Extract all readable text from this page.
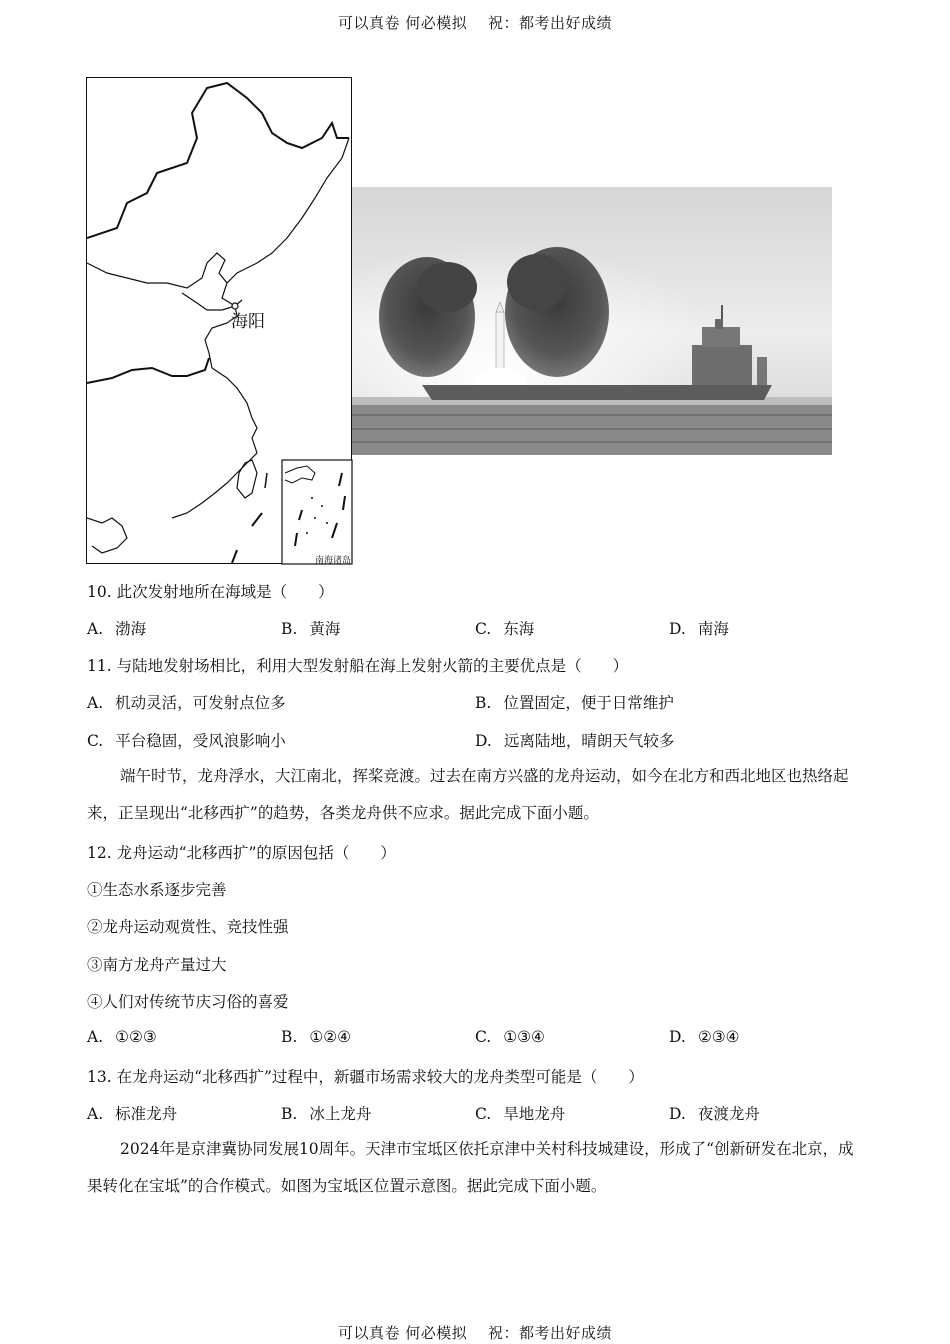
可以真卷 何必模拟　 祝：都考出好成绩
海阳
南海诸岛
10. 此次发射地所在海域是（　　）
A. 渤海	B. 黄海	C. 东海	D. 南海
11. 与陆地发射场相比，利用大型发射船在海上发射火箭的主要优点是（　　）
A. 机动灵活，可发射点位多	B. 位置固定，便于日常维护
C. 平台稳固，受风浪影响小	D. 远离陆地，晴朗天气较多
端午时节，龙舟浮水，大江南北，挥桨竞渡。过去在南方兴盛的龙舟运动，如今在北方和西北地区也热络起来，正呈现出“北移西扩”的趋势，各类龙舟供不应求。据此完成下面小题。
12. 龙舟运动“北移西扩”的原因包括（　　）
①生态水系逐步完善
②龙舟运动观赏性、竞技性强
③南方龙舟产量过大
④人们对传统节庆习俗的喜爱
A. ①②③	B. ①②④	C. ①③④	D. ②③④
13. 在龙舟运动“北移西扩”过程中，新疆市场需求较大的龙舟类型可能是（　　）
A. 标准龙舟	B. 冰上龙舟	C. 旱地龙舟	D. 夜渡龙舟
2024年是京津冀协同发展10周年。天津市宝坻区依托京津中关村科技城建设，形成了“创新研发在北京，成果转化在宝坻”的合作模式。如图为宝坻区位置示意图。据此完成下面小题。
可以真卷 何必模拟　 祝：都考出好成绩
